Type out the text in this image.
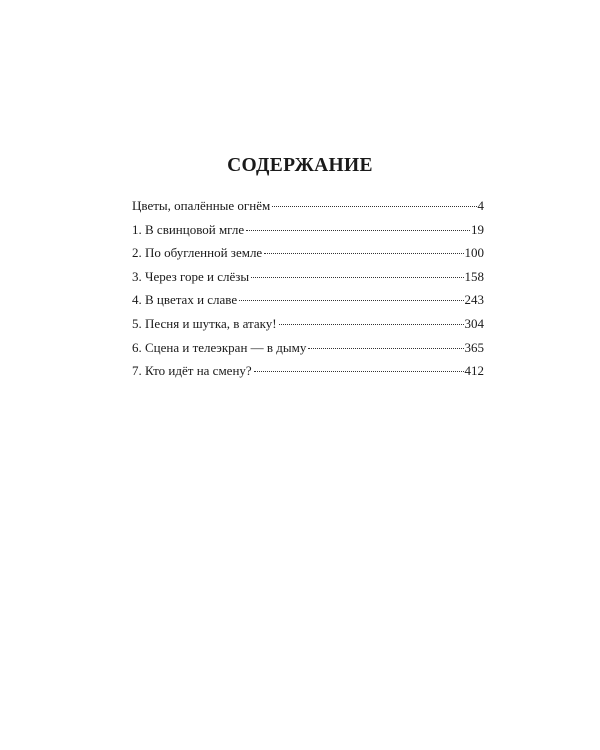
СОДЕРЖАНИЕ
Цветы, опалённые огнём	4
1. В свинцовой мгле	19
2. По обугленной земле	100
3. Через горе и слёзы	158
4. В цветах и славе	243
5. Песня и шутка, в атаку!	304
6. Сцена и телеэкран — в дыму	365
7. Кто идёт на смену?	412
